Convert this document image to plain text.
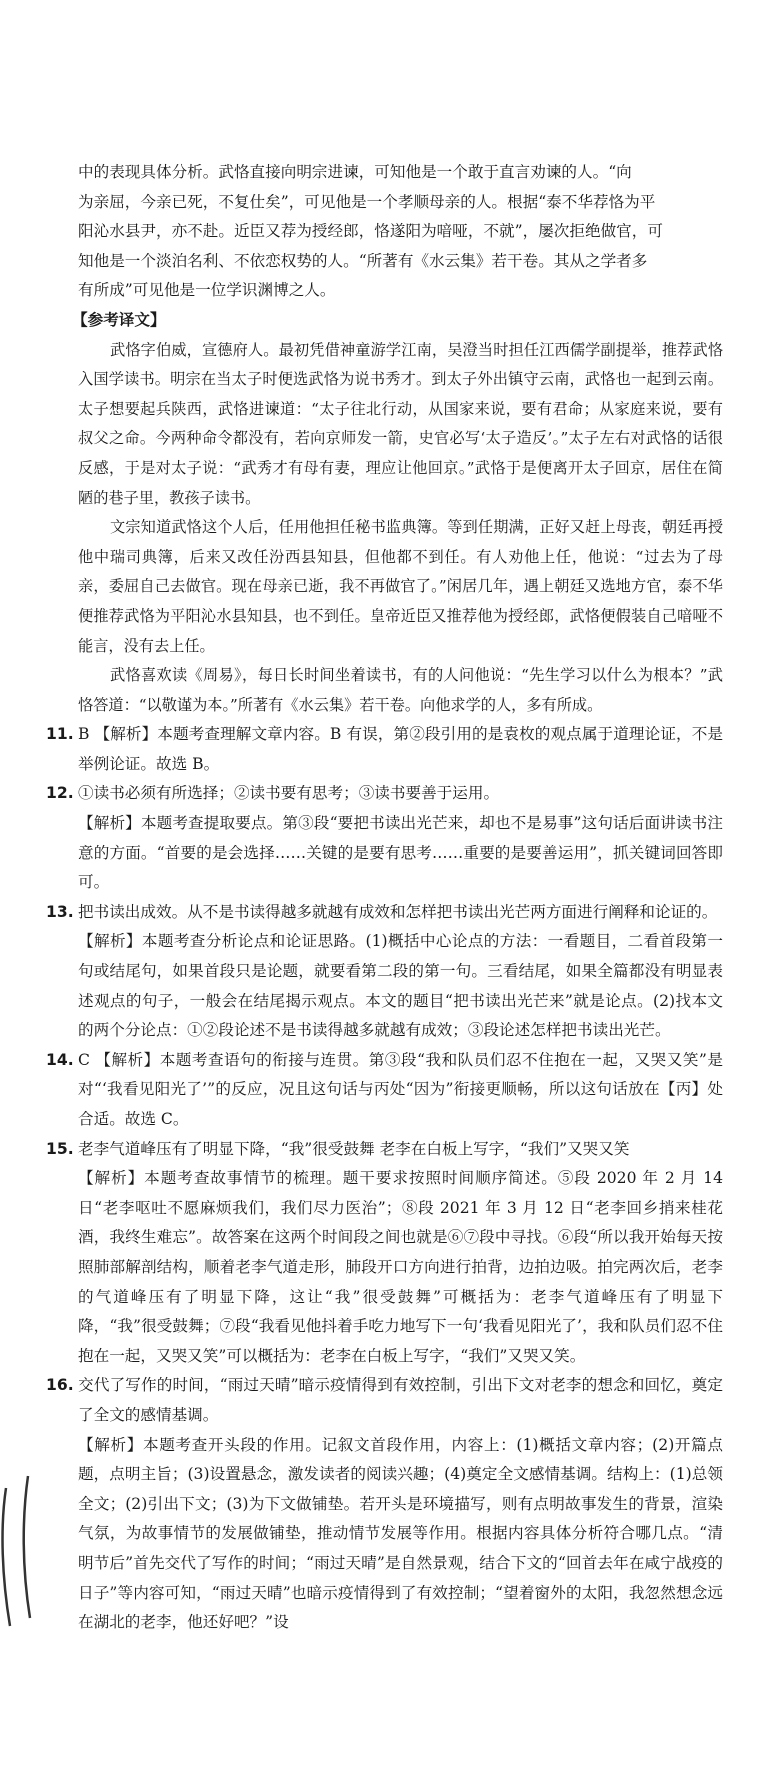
中的表现具体分析。武恪直接向明宗进谏，可知他是一个敢于直言劝谏的人。“向

为亲屈，今亲已死，不复仕矣”，可见他是一个孝顺母亲的人。根据“泰不华荐恪为平

阳沁水县尹，亦不赴。近臣又荐为授经郎，恪遂阳为喑哑，不就”，屡次拒绝做官，可

知他是一个淡泊名利、不依恋权势的人。“所著有《水云集》若干卷。其从之学者多

有所成”可见他是一位学识渊博之人。

【参考译文】

武恪字伯威，宣德府人。最初凭借神童游学江南，吴澄当时担任江西儒学副提举，推荐武恪入国学读书。明宗在当太子时便选武恪为说书秀才。到太子外出镇守云南，武恪也一起到云南。太子想要起兵陕西，武恪进谏道：“太子往北行动，从国家来说，要有君命；从家庭来说，要有叔父之命。今两种命令都没有，若向京师发一箭，史官必写‘太子造反’。”太子左右对武恪的话很反感，于是对太子说：“武秀才有母有妻，理应让他回京。”武恪于是便离开太子回京，居住在简陋的巷子里，教孩子读书。

文宗知道武恪这个人后，任用他担任秘书监典簿。等到任期满，正好又赶上母丧，朝廷再授他中瑞司典簿，后来又改任汾西县知县，但他都不到任。有人劝他上任，他说：“过去为了母亲，委屈自己去做官。现在母亲已逝，我不再做官了。”闲居几年，遇上朝廷又选地方官，泰不华便推荐武恪为平阳沁水县知县，也不到任。皇帝近臣又推荐他为授经郎，武恪便假装自己喑哑不能言，没有去上任。

武恪喜欢读《周易》，每日长时间坐着读书，有的人问他说：“先生学习以什么为根本？”武恪答道：“以敬谨为本。”所著有《水云集》若干卷。向他求学的人，多有所成。

11. B 【解析】本题考查理解文章内容。B 有误，第②段引用的是袁枚的观点属于道理论证，不是举例论证。故选 B。

12. ①读书必须有所选择；②读书要有思考；③读书要善于运用。

【解析】本题考查提取要点。第③段“要把书读出光芒来，却也不是易事”这句话后面讲读书注意的方面。“首要的是会选择……关键的是要有思考……重要的是要善运用”，抓关键词回答即可。

13. 把书读出成效。从不是书读得越多就越有成效和怎样把书读出光芒两方面进行阐释和论证的。

【解析】本题考查分析论点和论证思路。(1)概括中心论点的方法：一看题目，二看首段第一句或结尾句，如果首段只是论题，就要看第二段的第一句。三看结尾，如果全篇都没有明显表述观点的句子，一般会在结尾揭示观点。本文的题目“把书读出光芒来”就是论点。(2)找本文的两个分论点：①②段论述不是书读得越多就越有成效；③段论述怎样把书读出光芒。

14. C 【解析】本题考查语句的衔接与连贯。第③段“我和队员们忍不住抱在一起，又哭又笑”是对“‘我看见阳光了’”的反应，况且这句话与丙处“因为”衔接更顺畅，所以这句话放在【丙】处合适。故选 C。

15. 老李气道峰压有了明显下降，“我”很受鼓舞 老李在白板上写字，“我们”又哭又笑

【解析】本题考查故事情节的梳理。题干要求按照时间顺序简述。⑤段 2020 年 2 月 14 日“老李呕吐不愿麻烦我们，我们尽力医治”；⑧段 2021 年 3 月 12 日“老李回乡捎来桂花酒，我终生难忘”。故答案在这两个时间段之间也就是⑥⑦段中寻找。⑥段“所以我开始每天按照肺部解剖结构，顺着老李气道走形，肺段开口方向进行拍背，边拍边吸。拍完两次后，老李的气道峰压有了明显下降，这让“我”很受鼓舞”可概括为：老李气道峰压有了明显下降，“我”很受鼓舞；⑦段“我看见他抖着手吃力地写下一句‘我看见阳光了’，我和队员们忍不住抱在一起，又哭又笑”可以概括为：老李在白板上写字，“我们”又哭又笑。

16. 交代了写作的时间，“雨过天晴”暗示疫情得到有效控制，引出下文对老李的想念和回忆，奠定了全文的感情基调。

【解析】本题考查开头段的作用。记叙文首段作用，内容上：(1)概括文章内容；(2)开篇点题，点明主旨；(3)设置悬念，激发读者的阅读兴趣；(4)奠定全文感情基调。结构上：(1)总领全文；(2)引出下文；(3)为下文做铺垫。若开头是环境描写，则有点明故事发生的背景，渲染气氛，为故事情节的发展做铺垫，推动情节发展等作用。根据内容具体分析符合哪几点。“清明节后”首先交代了写作的时间；“雨过天晴”是自然景观，结合下文的“回首去年在咸宁战疫的日子”等内容可知，“雨过天晴”也暗示疫情得到了有效控制；“望着窗外的太阳，我忽然想念远在湖北的老李，他还好吧？”设
